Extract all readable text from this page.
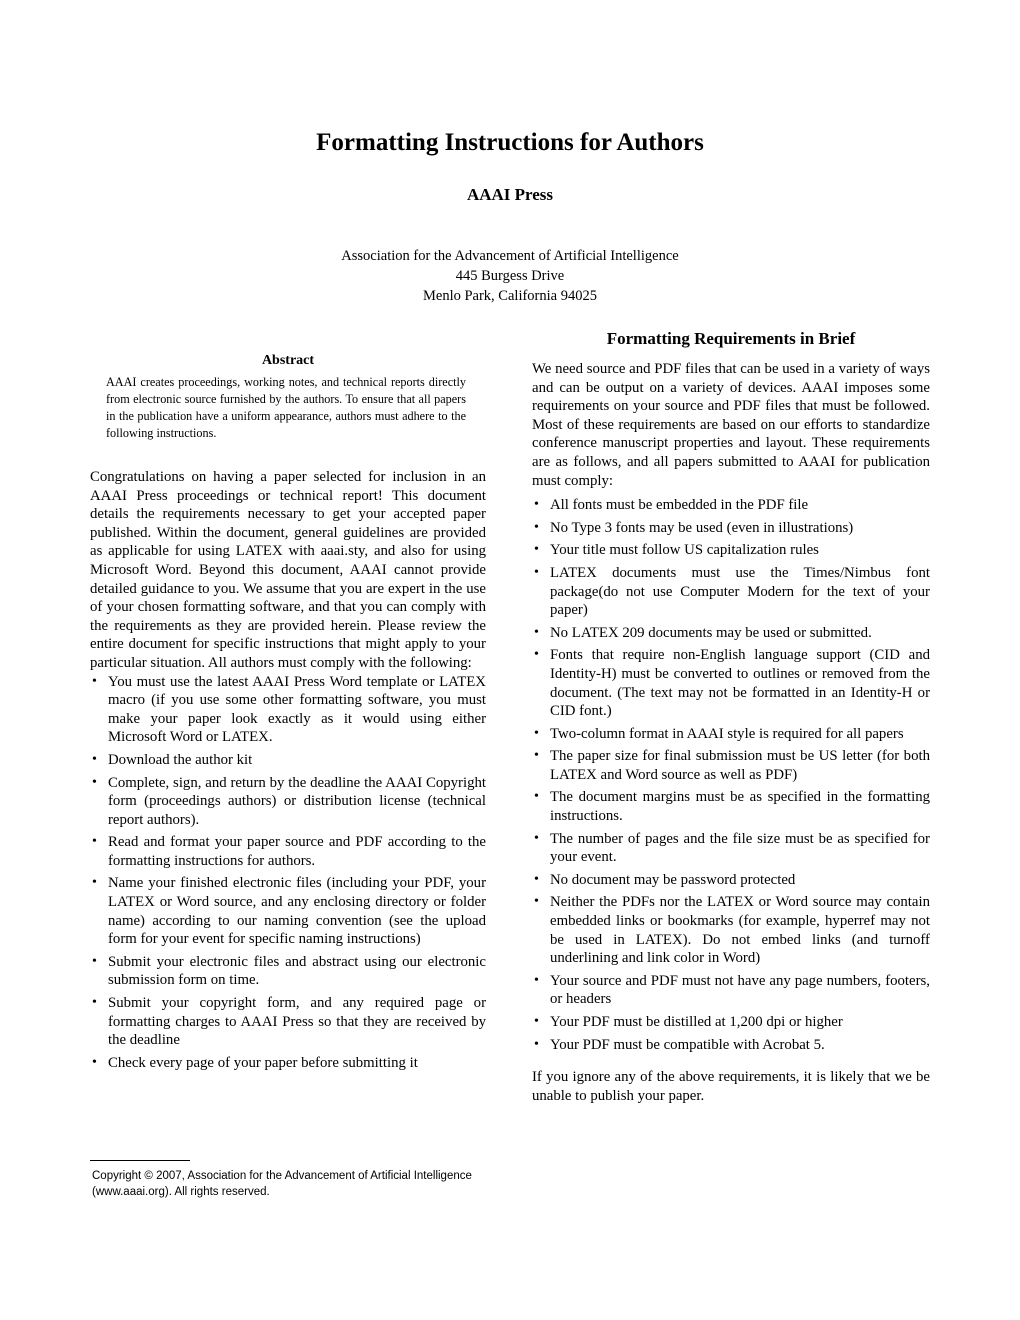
Formatting Instructions for Authors
AAAI Press
Association for the Advancement of Artificial Intelligence
445 Burgess Drive
Menlo Park, California 94025
Abstract

AAAI creates proceedings, working notes, and technical reports directly from electronic source furnished by the authors. To ensure that all papers in the publication have a uniform appearance, authors must adhere to the following instructions.

Congratulations on having a paper selected for inclusion in an AAAI Press proceedings or technical report! This document details the requirements necessary to get your accepted paper published. Within the document, general guidelines are provided as applicable for using LATEX with aaai.sty, and also for using Microsoft Word. Beyond this document, AAAI cannot provide detailed guidance to you. We assume that you are expert in the use of your chosen formatting software, and that you can comply with the requirements as they are provided herein. Please review the entire document for specific instructions that might apply to your particular situation. All authors must comply with the following:

• You must use the latest AAAI Press Word template or LATEX macro (if you use some other formatting software, you must make your paper look exactly as it would using either Microsoft Word or LATEX.
• Download the author kit
• Complete, sign, and return by the deadline the AAAI Copyright form (proceedings authors) or distribution license (technical report authors).
• Read and format your paper source and PDF according to the formatting instructions for authors.
• Name your finished electronic files (including your PDF, your LATEX or Word source, and any enclosing directory or folder name) according to our naming convention (see the upload form for your event for specific naming instructions)
• Submit your electronic files and abstract using our electronic submission form on time.
• Submit your copyright form, and any required page or formatting charges to AAAI Press so that they are received by the deadline
• Check every page of your paper before submitting it
Copyright © 2007, Association for the Advancement of Artificial Intelligence (www.aaai.org). All rights reserved.
Formatting Requirements in Brief

We need source and PDF files that can be used in a variety of ways and can be output on a variety of devices. AAAI imposes some requirements on your source and PDF files that must be followed. Most of these requirements are based on our efforts to standardize conference manuscript properties and layout. These requirements are as follows, and all papers submitted to AAAI for publication must comply:

• All fonts must be embedded in the PDF file
• No Type 3 fonts may be used (even in illustrations)
• Your title must follow US capitalization rules
• LATEX documents must use the Times/Nimbus font package(do not use Computer Modern for the text of your paper)
• No LATEX 209 documents may be used or submitted.
• Fonts that require non-English language support (CID and Identity-H) must be converted to outlines or removed from the document. (The text may not be formatted in an Identity-H or CID font.)
• Two-column format in AAAI style is required for all papers
• The paper size for final submission must be US letter (for both LATEX and Word source as well as PDF)
• The document margins must be as specified in the formatting instructions.
• The number of pages and the file size must be as specified for your event.
• No document may be password protected
• Neither the PDFs nor the LATEX or Word source may contain embedded links or bookmarks (for example, hyperref may not be used in LATEX). Do not embed links (and turnoff underlining and link color in Word)
• Your source and PDF must not have any page numbers, footers, or headers
• Your PDF must be distilled at 1,200 dpi or higher
• Your PDF must be compatible with Acrobat 5.

If you ignore any of the above requirements, it is likely that we be unable to publish your paper.
